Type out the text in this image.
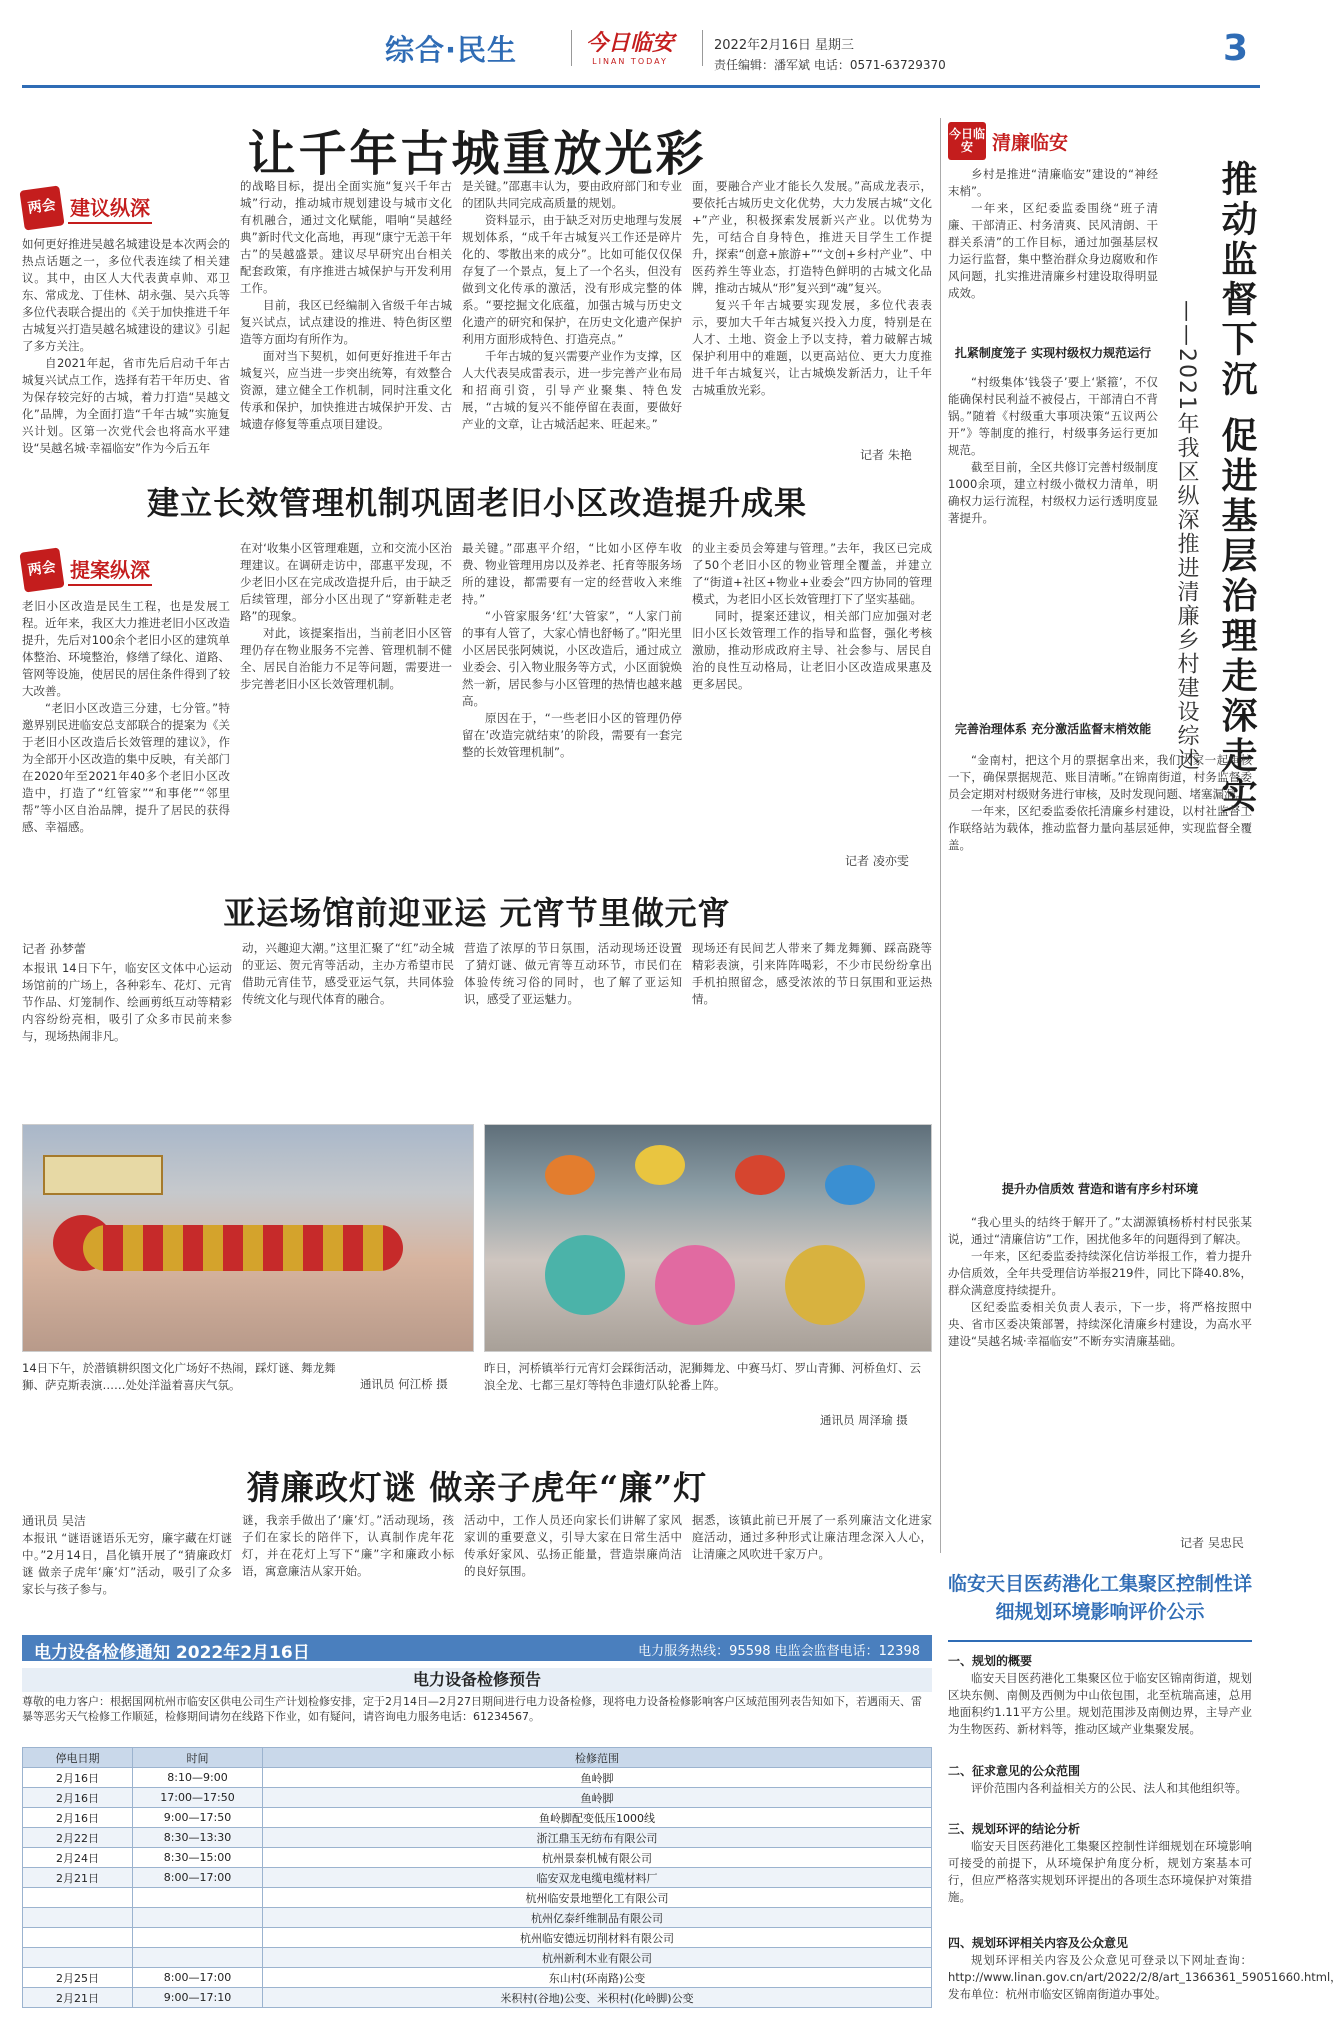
综合·民生	今日临安
LINAN TODAY
2022年2月16日 星期三
责任编辑：潘军斌 电话：0571-63729370	3
让千年古城重放光彩
两会 建议纵深

如何更好推进吴越名城建设是本次两会的热点话题之一，多位代表连续了相关建议。其中，由区人大代表黄卓帅、邓卫东、常成龙、丁佳林、胡永强、吴六兵等多位代表联合提出的《关于加快推进千年古城复兴打造吴越名城建设的建议》引起了多方关注。

自2021年起，省市先后启动千年古城复兴试点工作，选择有若干年历史、省为保存较完好的古城，着力打造“吴越文化”品牌，为全面打造“千年古城”实施复兴计划。区第一次党代会也将高水平建设“吴越名城·幸福临安”作为今后五年

的战略目标，提出全面实施“复兴千年古城”行动，推动城市规划建设与城市文化有机融合，通过文化赋能，唱响“吴越经典”新时代文化高地，再现“康宁无恙干年古”的吴越盛景。建议尽早研究出台相关配套政策，有序推进古城保护与开发利用工作。

目前，我区已经编制入省级千年古城复兴试点，试点建设的推进、特色街区塑造等方面均有所作为。

面对当下契机，如何更好推进千年古城复兴，应当进一步突出统筹，有效整合资源，建立健全工作机制，同时注重文化传承和保护，加快推进古城保护开发、古城遗存修复等重点项目建设。

是关键。”邵惠丰认为，要由政府部门和专业的团队共同完成高质量的规划。

资料显示，由于缺乏对历史地理与发展规划体系，“成千年古城复兴工作还是碎片化的、零散出来的成分”。比如可能仅仅保存复了一个景点，复上了一个名头，但没有做到文化传承的激活，没有形成完整的体系。“要挖掘文化底蕴，加强古城与历史文化遗产的研究和保护，在历史文化遗产保护利用方面形成特色、打造亮点。”

千年古城的复兴需要产业作为支撑，区人大代表吴成雷表示，进一步完善产业布局和招商引资，引导产业聚集、特色发展，“古城的复兴不能停留在表面，要做好产业的文章，让古城活起来、旺起来。”

面，要融合产业才能长久发展。”高成龙表示，要依托古城历史文化优势，大力发展古城“文化+”产业，积极探索发展新兴产业。以优势为先，可结合自身特色，推进天目学生工作提升，探索“创意+旅游+”“文创+乡村产业”、中医药养生等业态，打造特色鲜明的古城文化品牌，推动古城从“形”复兴到“魂”复兴。

复兴千年古城要实现发展，多位代表表示，要加大千年古城复兴投入力度，特别是在人才、土地、资金上予以支持，着力破解古城保护利用中的难题，以更高站位、更大力度推进千年古城复兴，让古城焕发新活力，让千年古城重放光彩。

记者 朱艳
建立长效管理机制巩固老旧小区改造提升成果
两会 提案纵深

老旧小区改造是民生工程，也是发展工程。近年来，我区大力推进老旧小区改造提升，先后对100余个老旧小区的建筑单体整治、环境整治，修缮了绿化、道路、管网等设施，使居民的居住条件得到了较大改善。

“老旧小区改造三分建，七分管。”特邀界别民进临安总支部联合的提案为《关于老旧小区改造后长效管理的建议》，作为全部开小区改造的集中反映，有关部门在2020年至2021年40多个老旧小区改造中，打造了“红管家”“和事佬”“邻里帮”等小区自治品牌，提升了居民的获得感、幸福感。

在对‘收集小区管理难题，立和交流小区治理建议。在调研走访中，邵惠平发现，不少老旧小区在完成改造提升后，由于缺乏后续管理，部分小区出现了“穿新鞋走老路”的现象。

对此，该提案指出，当前老旧小区管理仍存在物业服务不完善、管理机制不健全、居民自治能力不足等问题，需要进一步完善老旧小区长效管理机制。

最关键。”邵惠平介绍，“比如小区停车收费、物业管理用房以及养老、托育等服务场所的建设，都需要有一定的经营收入来维持。”

“小管家服务‘红’大管家”，“人家门前的事有人管了，大家心情也舒畅了。”阳光里小区居民张阿姨说，小区改造后，通过成立业委会、引入物业服务等方式，小区面貌焕然一新，居民参与小区管理的热情也越来越高。

原因在于，“一些老旧小区的管理仍停留在‘改造完就结束’的阶段，需要有一套完整的长效管理机制”。

的业主委员会筹建与管理。”去年，我区已完成了50个老旧小区的物业管理全覆盖，并建立了“街道+社区+物业+业委会”四方协同的管理模式，为老旧小区长效管理打下了坚实基础。

同时，提案还建议，相关部门应加强对老旧小区长效管理工作的指导和监督，强化考核激励，推动形成政府主导、社会参与、居民自治的良性互动格局，让老旧小区改造成果惠及更多居民。

记者 凌亦雯
亚运场馆前迎亚运 元宵节里做元宵
记者 孙梦蕾

本报讯 14日下午，临安区文体中心运动场馆前的广场上，各种彩车、花灯、元宵节作品、灯笼制作、绘画剪纸互动等精彩内容纷纷亮相，吸引了众多市民前来参与，现场热闹非凡。

动，兴趣迎大潮。”这里汇聚了“红”动全城的亚运、贺元宵等活动，主办方希望市民借助元宵佳节，感受亚运气氛，共同体验传统文化与现代体育的融合。

营造了浓厚的节日氛围，活动现场还设置了猜灯谜、做元宵等互动环节，市民们在体验传统习俗的同时，也了解了亚运知识，感受了亚运魅力。

现场还有民间艺人带来了舞龙舞狮、踩高跷等精彩表演，引来阵阵喝彩，不少市民纷纷拿出手机拍照留念，感受浓浓的节日氛围和亚运热情。

14日下午，於潜镇耕织图文化广场好不热闹，踩灯谜、舞龙舞狮、萨克斯表演……处处洋溢着喜庆气氛。	通讯员 何江桥 摄
昨日，河桥镇举行元宵灯会踩街活动，泥狮舞龙、中赛马灯、罗山青狮、河桥鱼灯、云浪全龙、七都三星灯等特色非遗灯队轮番上阵。
通讯员 周泽瑜 摄
猜廉政灯谜 做亲子虎年“廉”灯
通讯员 吴洁

本报讯 “谜语谜语乐无穷，廉字藏在灯谜中。”2月14日，昌化镇开展了“猜廉政灯谜 做亲子虎年‘廉’灯”活动，吸引了众多家长与孩子参与。

谜，我亲手做出了‘廉’灯。”活动现场，孩子们在家长的陪伴下，认真制作虎年花灯，并在花灯上写下“廉”字和廉政小标语，寓意廉洁从家开始。

活动中，工作人员还向家长们讲解了家风家训的重要意义，引导大家在日常生活中传承好家风、弘扬正能量，营造崇廉尚洁的良好氛围。

据悉，该镇此前已开展了一系列廉洁文化进家庭活动，通过多种形式让廉洁理念深入人心，让清廉之风吹进千家万户。

电力设备检修通知 2022年2月16日	电力服务热线：95598 电监会监督电话：12398
电力设备检修预告
尊敬的电力客户：根据国网杭州市临安区供电公司生产计划检修安排，定于2月14日—2月27日期间进行电力设备检修，现将电力设备检修影响客户区域范围列表告知如下，若遇雨天、雷暴等恶劣天气检修工作顺延，检修期间请勿在线路下作业，如有疑问，请咨询电力服务电话：61234567。
停电日期	时间	检修范围
2月16日	8:10—9:00	鱼岭脚
2月16日	17:00—17:50	鱼岭脚
2月16日	9:00—17:50	鱼岭脚配变低压1000线
2月22日	8:30—13:30	浙江鼎玉无纺布有限公司
2月24日	8:30—15:00	杭州景泰机械有限公司
2月21日	8:00—17:00	临安双龙电缆电缆材料厂
		杭州临安景地塑化工有限公司
		杭州亿泰纤维制品有限公司
		杭州临安德远切削材料有限公司
		杭州新利木业有限公司
2月25日	8:00—17:00	东山村(环南路)公变
2月21日	9:00—17:10	米积村(谷地)公变、米积村(化岭脚)公变
今日临安	清廉临安
推动监督下沉 促进基层治理走深走实
——2021年我区纵深推进清廉乡村建设综述

乡村是推进“清廉临安”建设的“神经末梢”。

一年来，区纪委监委围绕“班子清廉、干部清正、村务清爽、民风清朗、干群关系清”的工作目标，通过加强基层权力运行监督，集中整治群众身边腐败和作风问题，扎实推进清廉乡村建设取得明显成效。

扎紧制度笼子 实现村级权力规范运行

“村级集体‘钱袋子’要上‘紧箍’，不仅能确保村民利益不被侵占，干部清白不背锅。”随着《村级重大事项决策“五议两公开”》等制度的推行，村级事务运行更加规范。

截至目前，全区共修订完善村级制度1000余项，建立村级小微权力清单，明确权力运行流程，村级权力运行透明度显著提升。

完善治理体系 充分激活监督末梢效能

“金南村，把这个月的票据拿出来，我们大家一起审核一下，确保票据规范、账目清晰。”在锦南街道，村务监督委员会定期对村级财务进行审核，及时发现问题、堵塞漏洞。

一年来，区纪委监委依托清廉乡村建设，以村社监督工作联络站为载体，推动监督力量向基层延伸，实现监督全覆盖。

提升办信质效 营造和谐有序乡村环境

“我心里头的结终于解开了。”太湖源镇杨桥村村民张某说，通过“清廉信访”工作，困扰他多年的问题得到了解决。

一年来，区纪委监委持续深化信访举报工作，着力提升办信质效，全年共受理信访举报219件，同比下降40.8%，群众满意度持续提升。

区纪委监委相关负责人表示，下一步，将严格按照中央、省市区委决策部署，持续深化清廉乡村建设，为高水平建设“吴越名城·幸福临安”不断夯实清廉基础。

记者 吴忠民
临安天目医药港化工集聚区控制性详细规划环境影响评价公示
一、规划的概要

临安天目医药港化工集聚区位于临安区锦南街道，规划区块东侧、南侧及西侧为中山依包围，北至杭瑞高速，总用地面积约1.11平方公里。规划范围涉及南侧边界，主导产业为生物医药、新材料等，推动区域产业集聚发展。

二、征求意见的公众范围

评价范围内各利益相关方的公民、法人和其他组织等。

三、规划环评的结论分析

临安天目医药港化工集聚区控制性详细规划在环境影响可接受的前提下，从环境保护角度分析，规划方案基本可行，但应严格落实规划环评提出的各项生态环境保护对策措施。

四、规划环评相关内容及公众意见

规划环评相关内容及公众意见可登录以下网址查询：http://www.linan.gov.cn/art/2022/2/8/art_1366361_59051660.html，发布单位：杭州市临安区锦南街道办事处。
